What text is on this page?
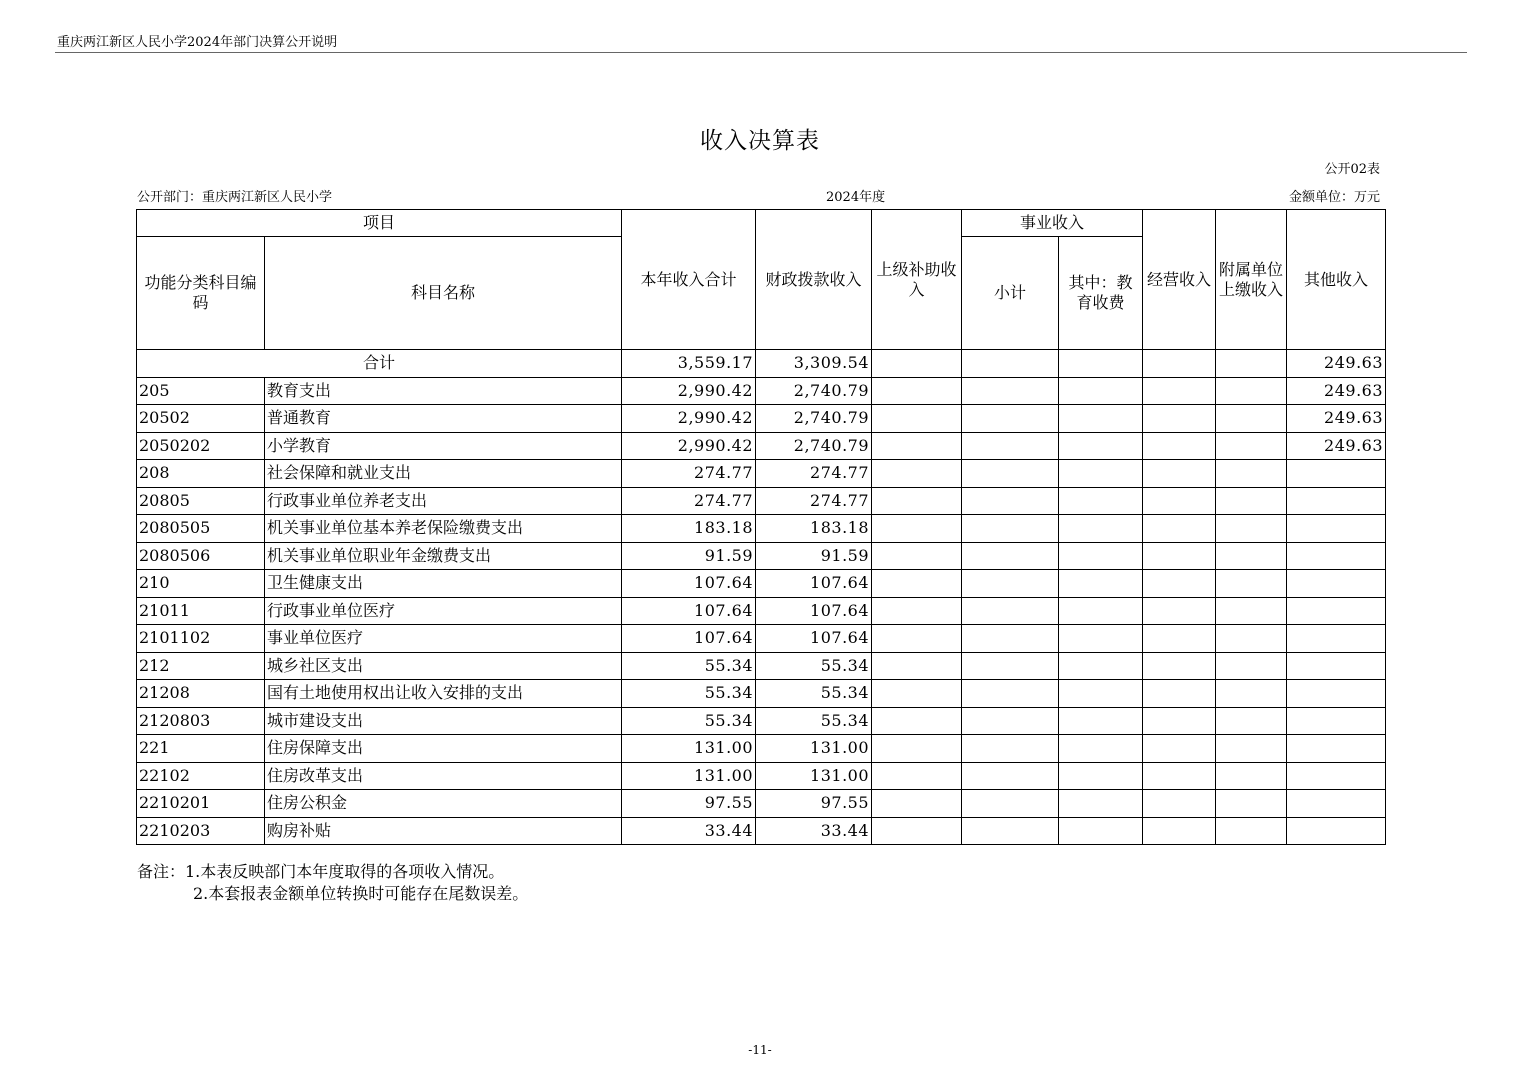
重庆两江新区人民小学2024年部门决算公开说明
收入决算表
公开02表
公开部门：重庆两江新区人民小学	2024年度	金额单位：万元
项目		本年收入合计	财政拨款收入	上级补助收入	事业收入		经营收入	附属单位上缴收入	其他收入
功能分类科目编码	科目名称				小计	其中：教育收费			
合计		3,559.17	3,309.54						249.63
205	教育支出	2,990.42	2,740.79						249.63
20502	普通教育	2,990.42	2,740.79						249.63
2050202	小学教育	2,990.42	2,740.79						249.63
208	社会保障和就业支出	274.77	274.77						
20805	行政事业单位养老支出	274.77	274.77						
2080505	机关事业单位基本养老保险缴费支出	183.18	183.18						
2080506	机关事业单位职业年金缴费支出	91.59	91.59						
210	卫生健康支出	107.64	107.64						
21011	行政事业单位医疗	107.64	107.64						
2101102	事业单位医疗	107.64	107.64						
212	城乡社区支出	55.34	55.34						
21208	国有土地使用权出让收入安排的支出	55.34	55.34						
2120803	城市建设支出	55.34	55.34						
221	住房保障支出	131.00	131.00						
22102	住房改革支出	131.00	131.00						
2210201	住房公积金	97.55	97.55						
2210203	购房补贴	33.44	33.44						
备注：1.本表反映部门本年度取得的各项收入情况。
2.本套报表金额单位转换时可能存在尾数误差。
-11-
